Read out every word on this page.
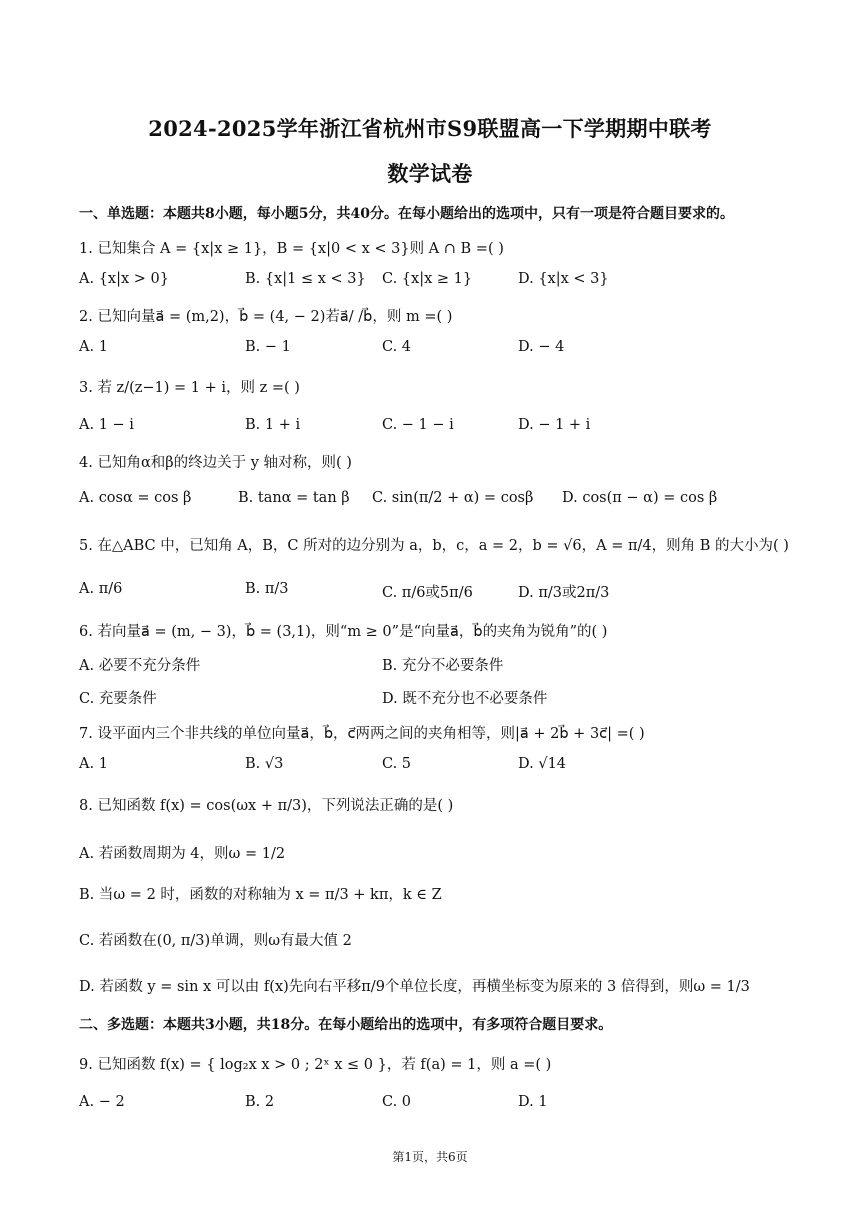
2024-2025学年浙江省杭州市S9联盟高一下学期期中联考
数学试卷
一、单选题：本题共8小题，每小题5分，共40分。在每小题给出的选项中，只有一项是符合题目要求的。
1. 已知集合 A = {x|x ≥ 1}，B = {x|0 < x < 3}则 A ∩ B =( )
A. {x|x > 0}	B. {x|1 ≤ x < 3} C. {x|x ≥ 1}	D. {x|x < 3}
2. 已知向量a⃗ = (m,2)，b⃗ = (4, − 2)若a⃗/ /b⃗，则 m =( )
A. 1	B. − 1	C. 4	D. − 4
3. 若 z/(z−1) = 1 + i，则 z =( )
A. 1 − i	B. 1 + i	C. − 1 − i	D. − 1 + i
4. 已知角α和β的终边关于 y 轴对称，则( )
A. cosα = cos β	B. tanα = tan β C. sin(π/2 + α) = cosβ D. cos(π − α) = cos β
5. 在△ABC 中，已知角 A，B，C 所对的边分别为 a，b，c，a = 2，b = √6，A = π/4，则角 B 的大小为( )
A. π/6	B. π/3	C. π/6或5π/6	D. π/3或2π/3
6. 若向量a⃗ = (m, − 3)，b⃗ = (3,1)，则“m ≥ 0”是“向量a⃗，b⃗的夹角为锐角”的( )
A. 必要不充分条件	B. 充分不必要条件
C. 充要条件	D. 既不充分也不必要条件
7. 设平面内三个非共线的单位向量a⃗，b⃗，c⃗两两之间的夹角相等，则|a⃗ + 2b⃗ + 3c⃗| =( )
A. 1	B. √3	C. 5	D. √14
8. 已知函数 f(x) = cos(ωx + π/3)，下列说法正确的是( )
A. 若函数周期为 4，则ω = 1/2
B. 当ω = 2 时，函数的对称轴为 x = π/3 + kπ，k ∈ Z
C. 若函数在(0, π/3)单调，则ω有最大值 2
D. 若函数 y = sin x 可以由 f(x)先向右平移π/9个单位长度，再横坐标变为原来的 3 倍得到，则ω = 1/3
二、多选题：本题共3小题，共18分。在每小题给出的选项中，有多项符合题目要求。
9. 已知函数 f(x) = { log₂x x > 0 ; 2ˣ x ≤ 0 }，若 f(a) = 1，则 a =( )
A. − 2	B. 2	C. 0	D. 1
第1页，共6页
